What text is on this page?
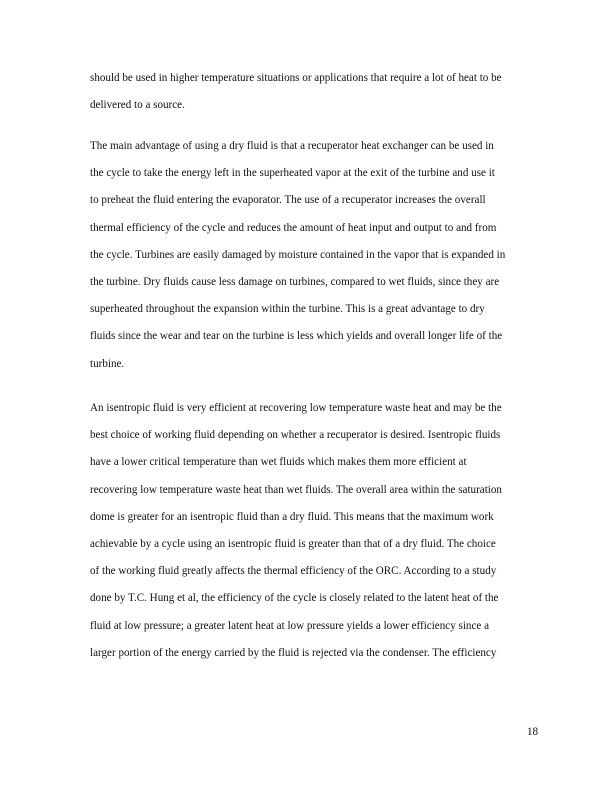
should be used in higher temperature situations or applications that require a lot of heat to be
delivered to a source.
The main advantage of using a dry fluid is that a recuperator heat exchanger can be used in
the cycle to take the energy left in the superheated vapor at the exit of the turbine and use it
to preheat the fluid entering the evaporator. The use of a recuperator increases the overall
thermal efficiency of the cycle and reduces the amount of heat input and output to and from
the cycle. Turbines are easily damaged by moisture contained in the vapor that is expanded in
the turbine. Dry fluids cause less damage on turbines, compared to wet fluids, since they are
superheated throughout the expansion within the turbine. This is a great advantage to dry
fluids since the wear and tear on the turbine is less which yields and overall longer life of the
turbine.
An isentropic fluid is very efficient at recovering low temperature waste heat and may be the
best choice of working fluid depending on whether a recuperator is desired. Isentropic fluids
have a lower critical temperature than wet fluids which makes them more efficient at
recovering low temperature waste heat than wet fluids. The overall area within the saturation
dome is greater for an isentropic fluid than a dry fluid. This means that the maximum work
achievable by a cycle using an isentropic fluid is greater than that of a dry fluid. The choice
of the working fluid greatly affects the thermal efficiency of the ORC. According to a study
done by T.C. Hung et al, the efficiency of the cycle is closely related to the latent heat of the
fluid at low pressure; a greater latent heat at low pressure yields a lower efficiency since a
larger portion of the energy carried by the fluid is rejected via the condenser. The efficiency
18
